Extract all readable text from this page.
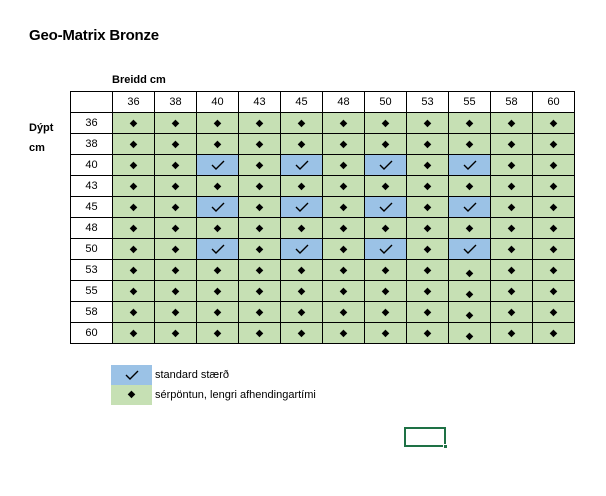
Geo-Matrix Bronze
Breidd cm
Dýpt
cm
	36	38	40	43	45	48	50	53	55	58	60
36	◆	◆	◆	◆	◆	◆	◆	◆	◆	◆	◆
38	◆	◆	◆	◆	◆	◆	◆	◆	◆	◆	◆
40	◆	◆		◆		◆		◆		◆	◆
43	◆	◆	◆	◆	◆	◆	◆	◆	◆	◆	◆
45	◆	◆		◆		◆		◆		◆	◆
48	◆	◆	◆	◆	◆	◆	◆	◆	◆	◆	◆
50	◆	◆		◆		◆		◆		◆	◆
53	◆	◆	◆	◆	◆	◆	◆	◆	◆	◆	◆
55	◆	◆	◆	◆	◆	◆	◆	◆	◆	◆	◆
58	◆	◆	◆	◆	◆	◆	◆	◆	◆	◆	◆
60	◆	◆	◆	◆	◆	◆	◆	◆	◆	◆	◆
standard stærð
◆ sérpöntun, lengri afhendingartími
